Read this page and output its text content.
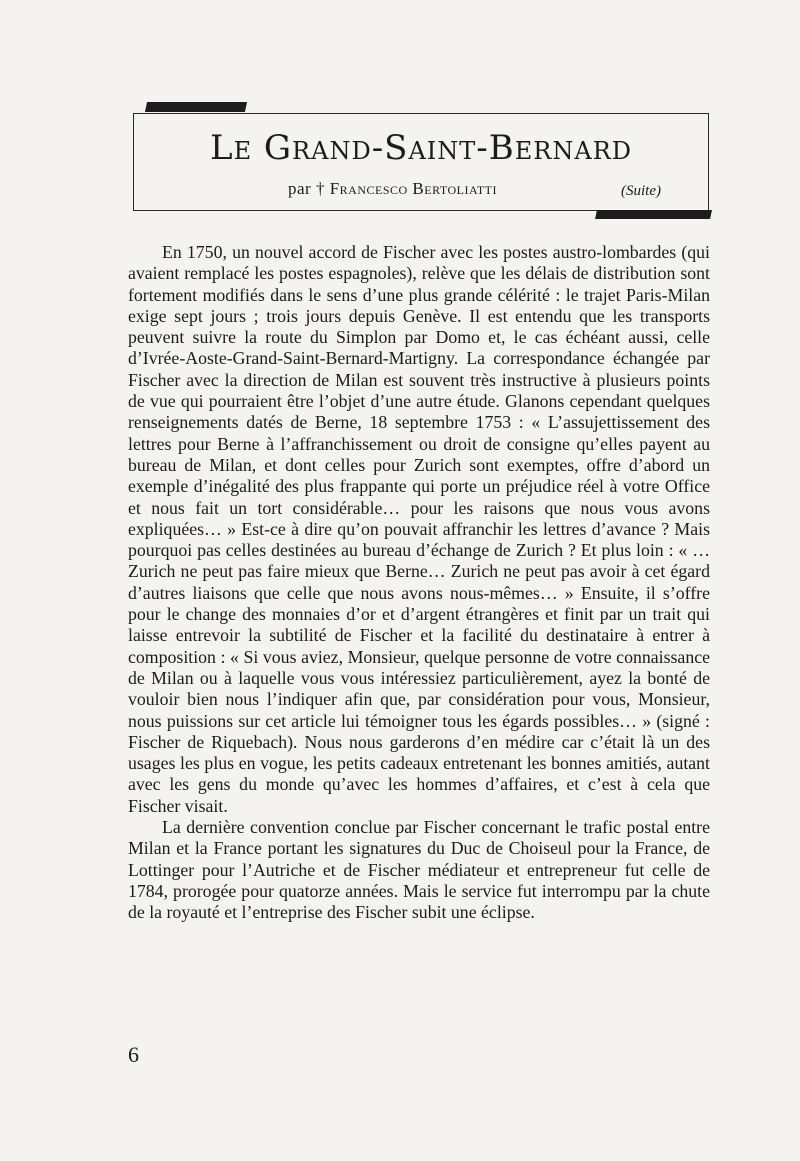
Le Grand-Saint-Bernard
par † Francesco Bertoliatti	(Suite)

En 1750, un nouvel accord de Fischer avec les postes austro-lombardes (qui avaient remplacé les postes espagnoles), relève que les délais de distribution sont fortement modifiés dans le sens d’une plus grande célérité : le trajet Paris-Milan exige sept jours ; trois jours depuis Genève. Il est entendu que les transports peuvent suivre la route du Simplon par Domo et, le cas échéant aussi, celle d’Ivrée-Aoste-Grand-Saint-Bernard-Martigny. La correspondance échangée par Fischer avec la direction de Milan est souvent très instructive à plusieurs points de vue qui pourraient être l’objet d’une autre étude. Glanons cependant quelques renseignements datés de Berne, 18 septembre 1753 : « L’assujettissement des lettres pour Berne à l’affranchissement ou droit de consigne qu’elles payent au bureau de Milan, et dont celles pour Zurich sont exemptes, offre d’abord un exemple d’inégalité des plus frappante qui porte un préjudice réel à votre Office et nous fait un tort considérable… pour les raisons que nous vous avons expliquées… » Est-ce à dire qu’on pouvait affranchir les lettres d’avance ? Mais pourquoi pas celles destinées au bureau d’échange de Zurich ? Et plus loin : « … Zurich ne peut pas faire mieux que Berne… Zurich ne peut pas avoir à cet égard d’autres liaisons que celle que nous avons nous-mêmes… » Ensuite, il s’offre pour le change des monnaies d’or et d’argent étrangères et finit par un trait qui laisse entrevoir la subtilité de Fischer et la facilité du destinataire à entrer à composition : « Si vous aviez, Monsieur, quelque personne de votre connaissance de Milan ou à laquelle vous vous intéressiez particulièrement, ayez la bonté de vouloir bien nous l’indiquer afin que, par considération pour vous, Monsieur, nous puissions sur cet article lui témoigner tous les égards possibles… » (signé : Fischer de Riquebach). Nous nous garderons d’en médire car c’était là un des usages les plus en vogue, les petits cadeaux entretenant les bonnes amitiés, autant avec les gens du monde qu’avec les hommes d’affaires, et c’est à cela que Fischer visait.

La dernière convention conclue par Fischer concernant le trafic postal entre Milan et la France portant les signatures du Duc de Choiseul pour la France, de Lottinger pour l’Autriche et de Fischer médiateur et entrepreneur fut celle de 1784, prorogée pour quatorze années. Mais le service fut interrompu par la chute de la royauté et l’entreprise des Fischer subit une éclipse.

6
